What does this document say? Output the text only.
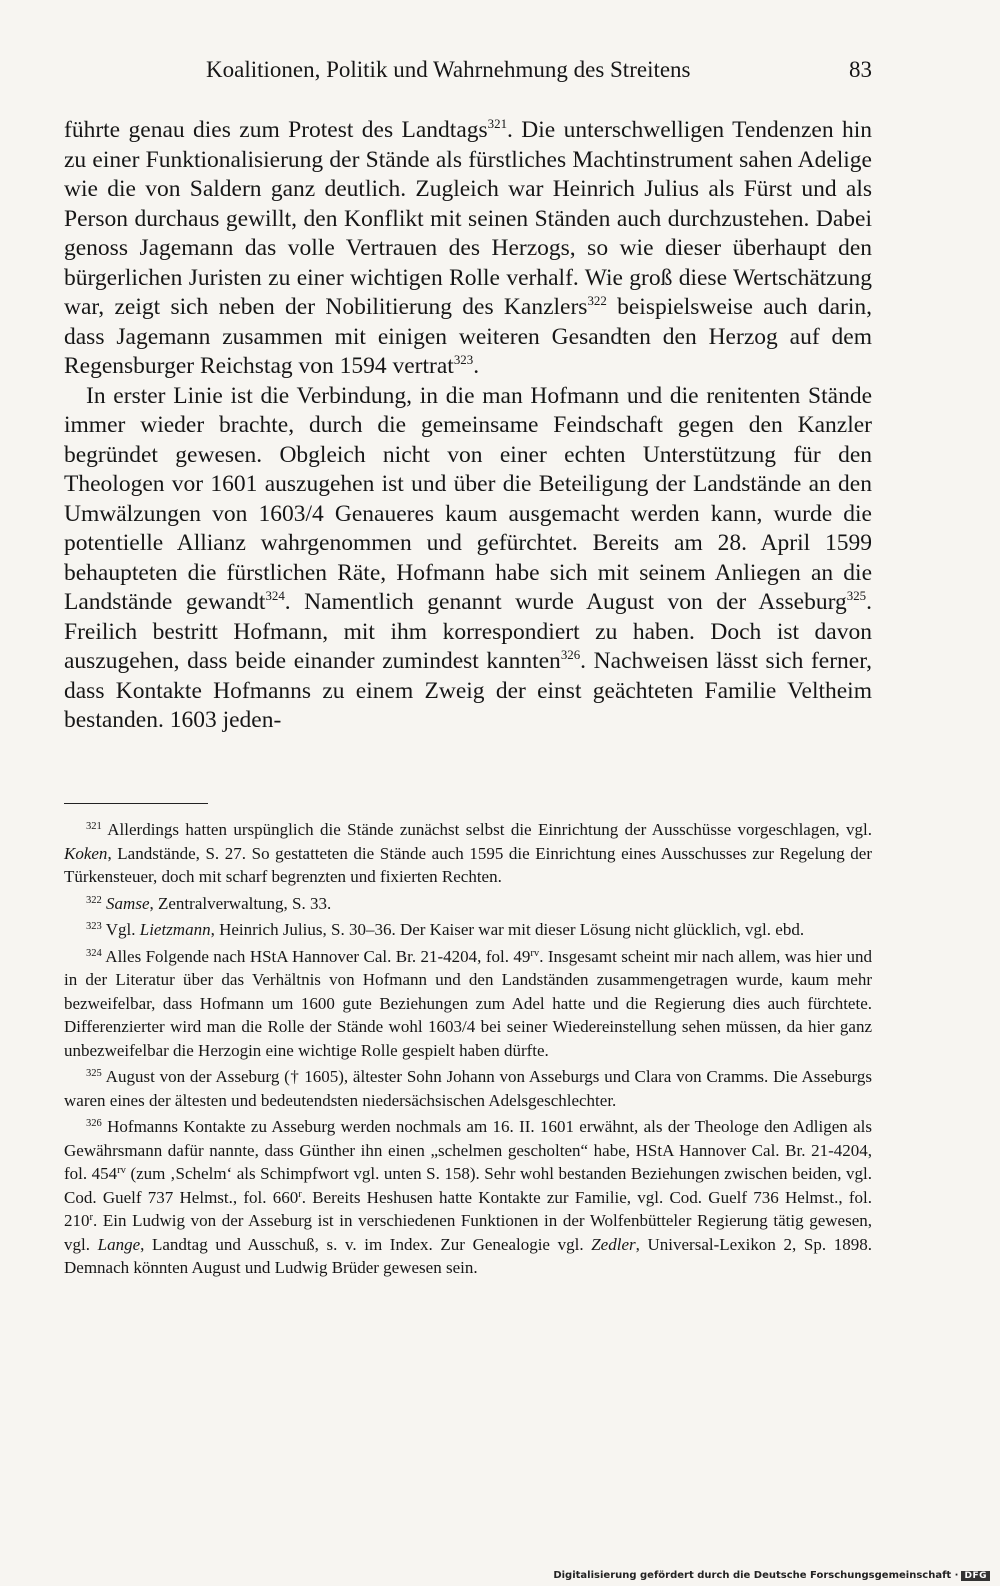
Koalitionen, Politik und Wahrnehmung des Streitens	83

führte genau dies zum Protest des Landtags$^{321}$. Die unterschwelligen Tendenzen hin zu einer Funktionalisierung der Stände als fürstliches Machtinstrument sahen Adelige wie die von Saldern ganz deutlich. Zugleich war Heinrich Julius als Fürst und als Person durchaus gewillt, den Konflikt mit seinen Ständen auch durchzustehen. Dabei genoss Jagemann das volle Vertrauen des Herzogs, so wie dieser überhaupt den bürgerlichen Juristen zu einer wichtigen Rolle verhalf. Wie groß diese Wertschätzung war, zeigt sich neben der Nobilitierung des Kanzlers$^{322}$ beispielsweise auch darin, dass Jagemann zusammen mit einigen weiteren Gesandten den Herzog auf dem Regensburger Reichstag von 1594 vertrat$^{323}$.

In erster Linie ist die Verbindung, in die man Hofmann und die renitenten Stände immer wieder brachte, durch die gemeinsame Feindschaft gegen den Kanzler begründet gewesen. Obgleich nicht von einer echten Unterstützung für den Theologen vor 1601 auszugehen ist und über die Beteiligung der Landstände an den Umwälzungen von 1603/4 Genaueres kaum ausgemacht werden kann, wurde die potentielle Allianz wahrgenommen und gefürchtet. Bereits am 28. April 1599 behaupteten die fürstlichen Räte, Hofmann habe sich mit seinem Anliegen an die Landstände gewandt$^{324}$. Namentlich genannt wurde August von der Asseburg$^{325}$. Freilich bestritt Hofmann, mit ihm korrespondiert zu haben. Doch ist davon auszugehen, dass beide einander zumindest kannten$^{326}$. Nachweisen lässt sich ferner, dass Kontakte Hofmanns zu einem Zweig der einst geächteten Familie Veltheim bestanden. 1603 jeden-

$^{321}$ Allerdings hatten urspünglich die Stände zunächst selbst die Einrichtung der Ausschüsse vorgeschlagen, vgl. Koken, Landstände, S. 27. So gestatteten die Stände auch 1595 die Einrichtung eines Ausschusses zur Regelung der Türkensteuer, doch mit scharf begrenzten und fixierten Rechten.

$^{322}$ Samse, Zentralverwaltung, S. 33.

$^{323}$ Vgl. Lietzmann, Heinrich Julius, S. 30–36. Der Kaiser war mit dieser Lösung nicht glücklich, vgl. ebd.

$^{324}$ Alles Folgende nach HStA Hannover Cal. Br. 21-4204, fol. $49^{rv}$. Insgesamt scheint mir nach allem, was hier und in der Literatur über das Verhältnis von Hofmann und den Landständen zusammengetragen wurde, kaum mehr bezweifelbar, dass Hofmann um 1600 gute Beziehungen zum Adel hatte und die Regierung dies auch fürchtete. Differenzierter wird man die Rolle der Stände wohl 1603/4 bei seiner Wiedereinstellung sehen müssen, da hier ganz unbezweifelbar die Herzogin eine wichtige Rolle gespielt haben dürfte.

$^{325}$ August von der Asseburg († 1605), ältester Sohn Johann von Asseburgs und Clara von Cramms. Die Asseburgs waren eines der ältesten und bedeutendsten niedersächsischen Adelsgeschlechter.

$^{326}$ Hofmanns Kontakte zu Asseburg werden nochmals am 16. II. 1601 erwähnt, als der Theologe den Adligen als Gewährsmann dafür nannte, dass Günther ihn einen „schelmen gescholten“ habe, HStA Hannover Cal. Br. 21-4204, fol. $454^{rv}$ (zum ‚Schelm‘ als Schimpfwort vgl. unten S. 158). Sehr wohl bestanden Beziehungen zwischen beiden, vgl. Cod. Guelf 737 Helmst., fol. 660$^r$. Bereits Heshusen hatte Kontakte zur Familie, vgl. Cod. Guelf 736 Helmst., fol. 210$^r$. Ein Ludwig von der Asseburg ist in verschiedenen Funktionen in der Wolfenbütteler Regierung tätig gewesen, vgl. Lange, Landtag und Ausschuß, s. v. im Index. Zur Genealogie vgl. Zedler, Universal-Lexikon 2, Sp. 1898. Demnach könnten August und Ludwig Brüder gewesen sein.

Digitalisierung gefördert durch die Deutsche Forschungsgemeinschaft · DFG
